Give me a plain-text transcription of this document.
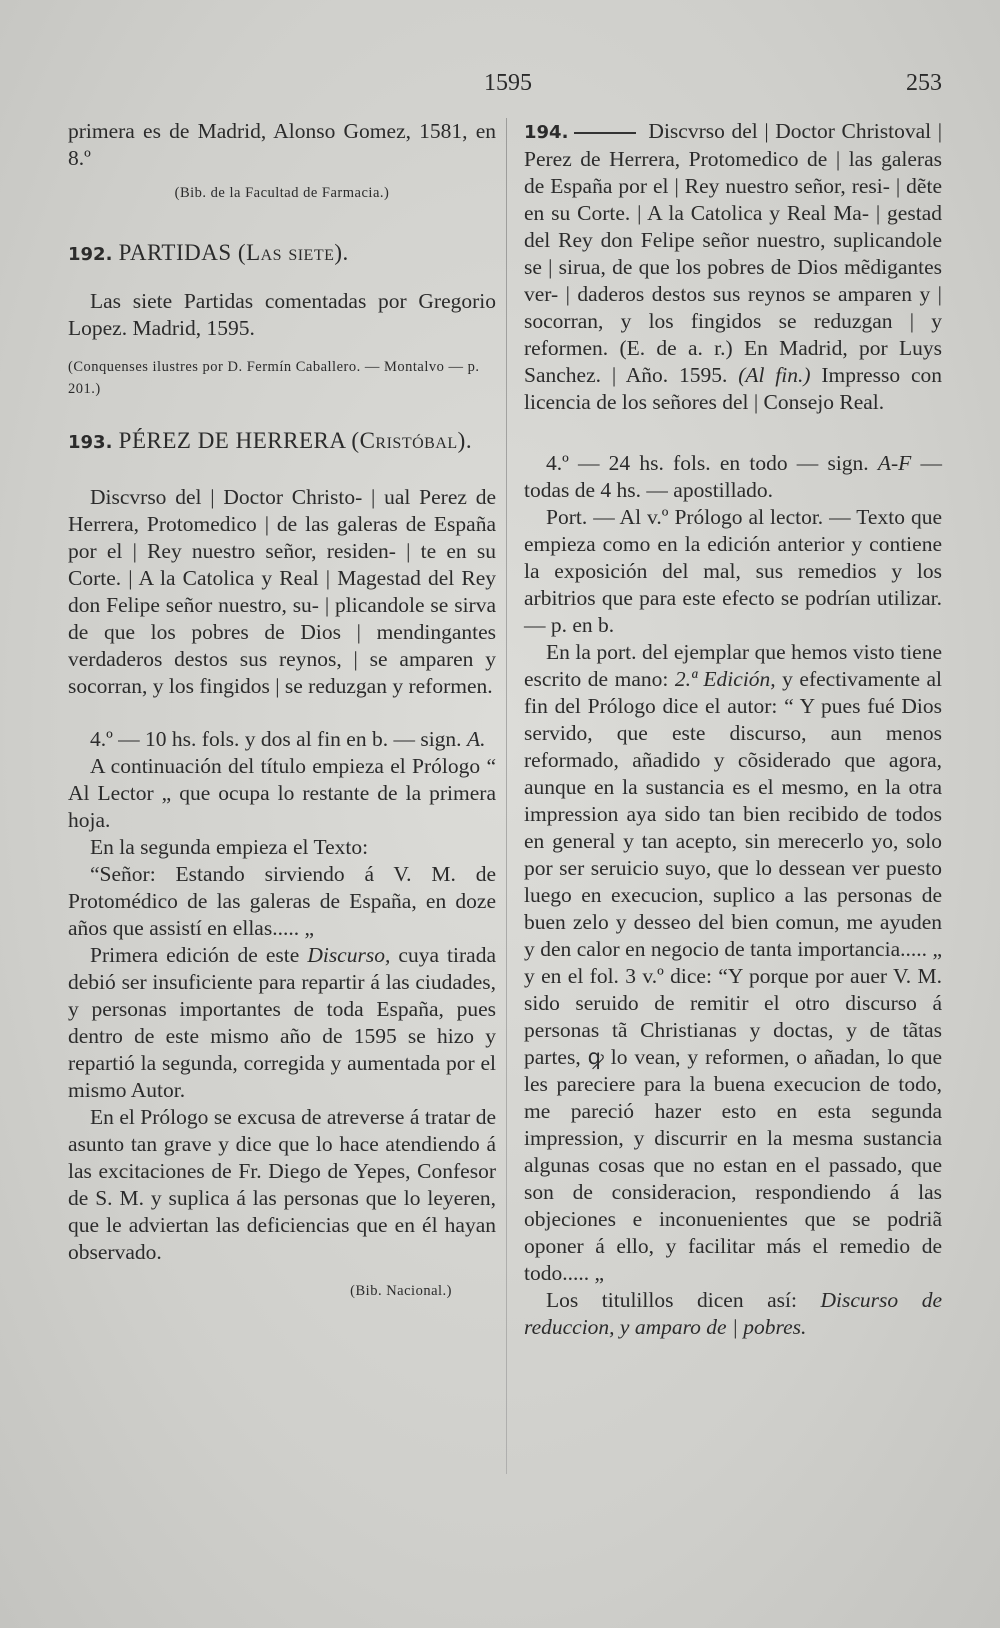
1595	253

primera es de Madrid, Alonso Gomez, 1581, en 8.º

(Bib. de la Facultad de Farmacia.)

192. PARTIDAS (Las siete).

Las siete Partidas comentadas por Gregorio Lopez. Madrid, 1595.

(Conquenses ilustres por D. Fermín Caballero. — Montalvo — p. 201.)

193. PÉREZ DE HERRERA (Cristóbal).

Discvrso del | Doctor Christo- | ual Perez de Herrera, Protomedico | de las galeras de España por el | Rey nuestro señor, residen- | te en su Corte. | A la Catolica y Real | Magestad del Rey don Felipe señor nuestro, su- | plicandole se sirva de que los pobres de Dios | mendingantes verdaderos destos sus reynos, | se amparen y socorran, y los fingidos | se reduzgan y reformen.

4.º — 10 hs. fols. y dos al fin en b. — sign. A.

A continuación del título empieza el Prólogo “ Al Lector „ que ocupa lo restante de la primera hoja.

En la segunda empieza el Texto:

“Señor: Estando sirviendo á V. M. de Protomédico de las galeras de España, en doze años que assistí en ellas..... „

Primera edición de este Discurso, cuya tirada debió ser insuficiente para repartir á las ciudades, y personas importantes de toda España, pues dentro de este mismo año de 1595 se hizo y repartió la segunda, corregida y aumentada por el mismo Autor.

En el Prólogo se excusa de atreverse á tratar de asunto tan grave y dice que lo hace atendiendo á las excitaciones de Fr. Diego de Yepes, Confesor de S. M. y suplica á las personas que lo leyeren, que le adviertan las deficiencias que en él hayan observado.

(Bib. Nacional.)

194.	Discvrso del | Doctor Christoval | Perez de Herrera, Protomedico de | las galeras de España por el | Rey nuestro señor, resi- | dẽte en su Corte. | A la Catolica y Real Ma- | gestad del Rey don Felipe señor nuestro, suplicandole se | sirua, de que los pobres de Dios mẽdigantes ver- | daderos destos sus reynos se amparen y | socorran, y los fingidos se reduzgan | y reformen. (E. de a. r.) En Madrid, por Luys Sanchez. | Año. 1595. (Al fin.) Impresso con licencia de los señores del | Consejo Real.

4.º — 24 hs. fols. en todo — sign. A-F — todas de 4 hs. — apostillado.

Port. — Al v.º Prólogo al lector. — Texto que empieza como en la edición anterior y contiene la exposición del mal, sus remedios y los arbitrios que para este efecto se podrían utilizar. — p. en b.

En la port. del ejemplar que hemos visto tiene escrito de mano: 2.ª Edición, y efectivamente al fin del Prólogo dice el autor: “ Y pues fué Dios servido, que este discurso, aun menos reformado, añadido y cõsiderado que agora, aunque en la sustancia es el mesmo, en la otra impression aya sido tan bien recibido de todos en general y tan acepto, sin merecerlo yo, solo por ser seruicio suyo, que lo dessean ver puesto luego en execucion, suplico a las personas de buen zelo y desseo del bien comun, me ayuden y den calor en negocio de tanta importancia..... „ y en el fol. 3 v.º dice: “Y porque por auer V. M. sido seruido de remitir el otro discurso á personas tã Christianas y doctas, y de tãtas partes, ꝙ lo vean, y reformen, o añadan, lo que les pareciere para la buena execucion de todo, me pareció hazer esto en esta segunda impression, y discurrir en la mesma sustancia algunas cosas que no estan en el passado, que son de consideracion, respondiendo á las objeciones e inconuenientes que se podriã oponer á ello, y facilitar más el remedio de todo..... „

Los titulillos dicen así: Discurso de reduccion, y amparo de | pobres.
